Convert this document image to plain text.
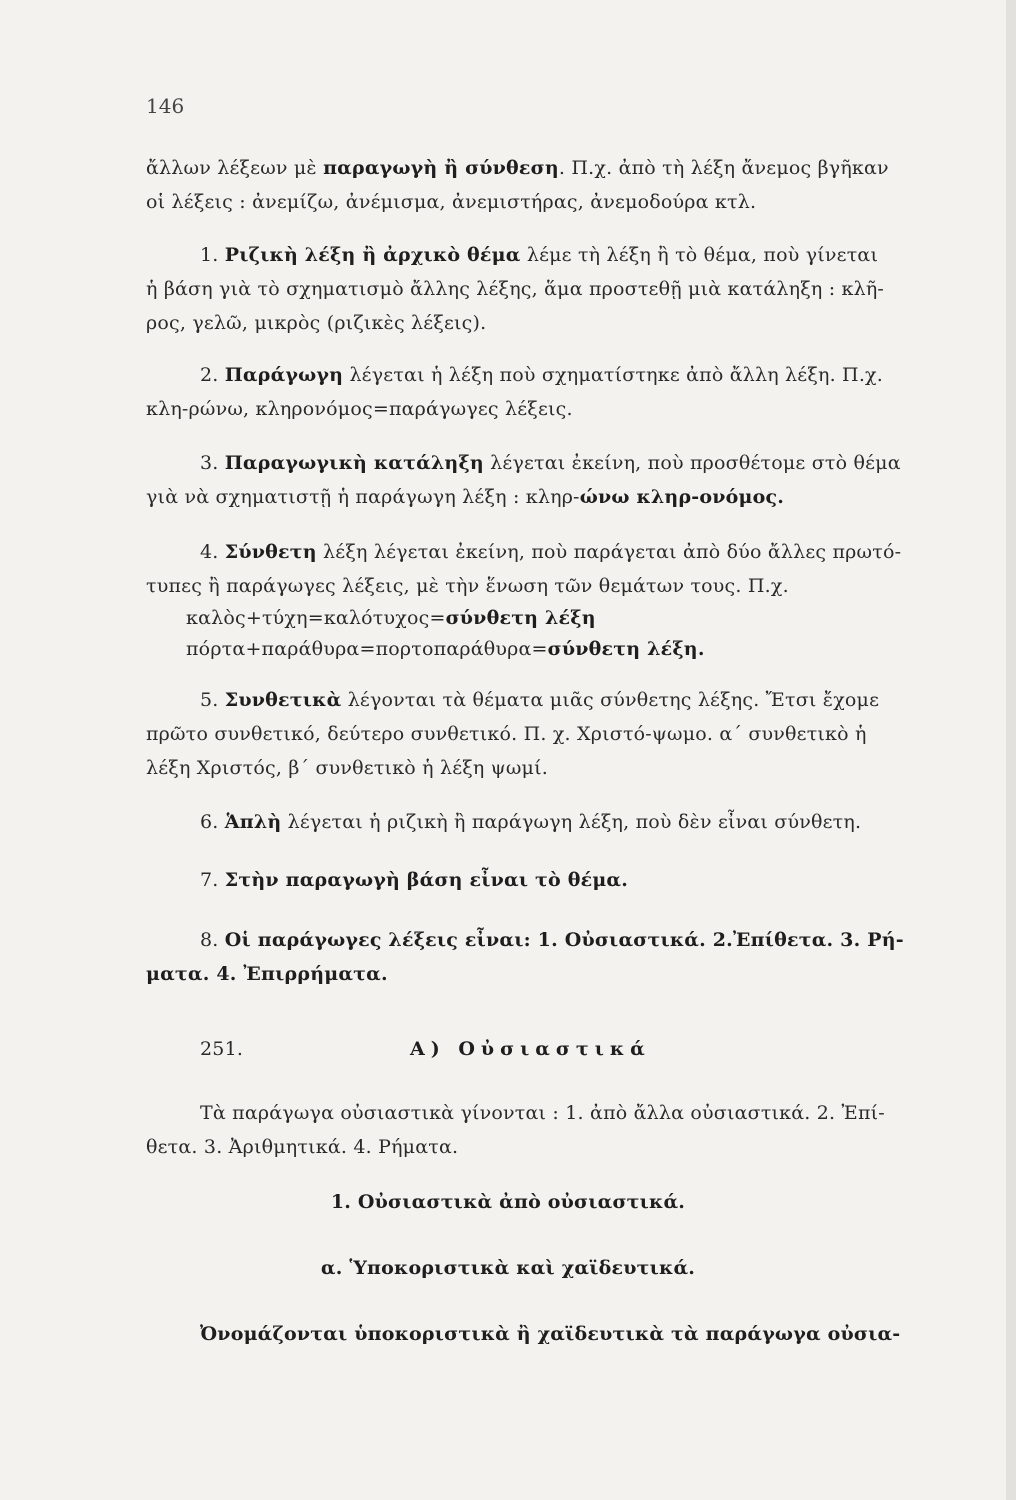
146
ἄλλων λέξεων μὲ παραγωγὴ ἢ σύνθεση. Π.χ. ἀπὸ τὴ λέξη ἄνεμος βγῆκαν
οἱ λέξεις : ἀνεμίζω, ἀνέμισμα, ἀνεμιστήρας, ἀνεμοδούρα κτλ.
1. Ριζικὴ λέξη ἢ ἀρχικὸ θέμα λέμε τὴ λέξη ἢ τὸ θέμα, ποὺ γίνεται
ἡ βάση γιὰ τὸ σχηματισμὸ ἄλλης λέξης, ἅμα προστεθῇ μιὰ κατάληξη : κλῆ-
ρος, γελῶ, μικρὸς (ριζικὲς λέξεις).
2. Παράγωγη λέγεται ἡ λέξη ποὺ σχηματίστηκε ἀπὸ ἄλλη λέξη. Π.χ.
κλη-ρώνω, κληρονόμος=παράγωγες λέξεις.
3. Παραγωγικὴ κατάληξη λέγεται ἐκείνη, ποὺ προσθέτομε στὸ θέμα
γιὰ νὰ σχηματιστῇ ἡ παράγωγη λέξη : κληρ-ώνω κληρ-ονόμος.
4. Σύνθετη λέξη λέγεται ἐκείνη, ποὺ παράγεται ἀπὸ δύο ἄλλες πρωτό-
τυπες ἢ παράγωγες λέξεις, μὲ τὴν ἕνωση τῶν θεμάτων τους. Π.χ.
καλὸς+τύχη=καλότυχος=σύνθετη λέξη
πόρτα+παράθυρα=πορτοπαράθυρα=σύνθετη λέξη.
5. Συνθετικὰ λέγονται τὰ θέματα μιᾶς σύνθετης λέξης. Ἔτσι ἔχομε
πρῶτο συνθετικό, δεύτερο συνθετικό. Π. χ. Χριστό-ψωμο. α΄ συνθετικὸ ἡ
λέξη Χριστός, β΄ συνθετικὸ ἡ λέξη ψωμί.
6. Ἁπλὴ λέγεται ἡ ριζικὴ ἢ παράγωγη λέξη, ποὺ δὲν εἶναι σύνθετη.
7. Στὴν παραγωγὴ βάση εἶναι τὸ θέμα.
8. Οἱ παράγωγες λέξεις εἶναι: 1. Οὐσιαστικά. 2.Ἐπίθετα. 3. Ρή-
ματα. 4. Ἐπιρρήματα.
251.	Α) Οὐσιαστικά
Τὰ παράγωγα οὐσιαστικὰ γίνονται : 1. ἀπὸ ἄλλα οὐσιαστικά. 2. Ἐπί-
θετα. 3. Ἀριθμητικά. 4. Ρήματα.
1. Οὐσιαστικὰ ἀπὸ οὐσιαστικά.
α. Ὑποκοριστικὰ καὶ χαϊδευτικά.
Ὀνομάζονται ὑποκοριστικὰ ἢ χαϊδευτικὰ τὰ παράγωγα οὐσια-
